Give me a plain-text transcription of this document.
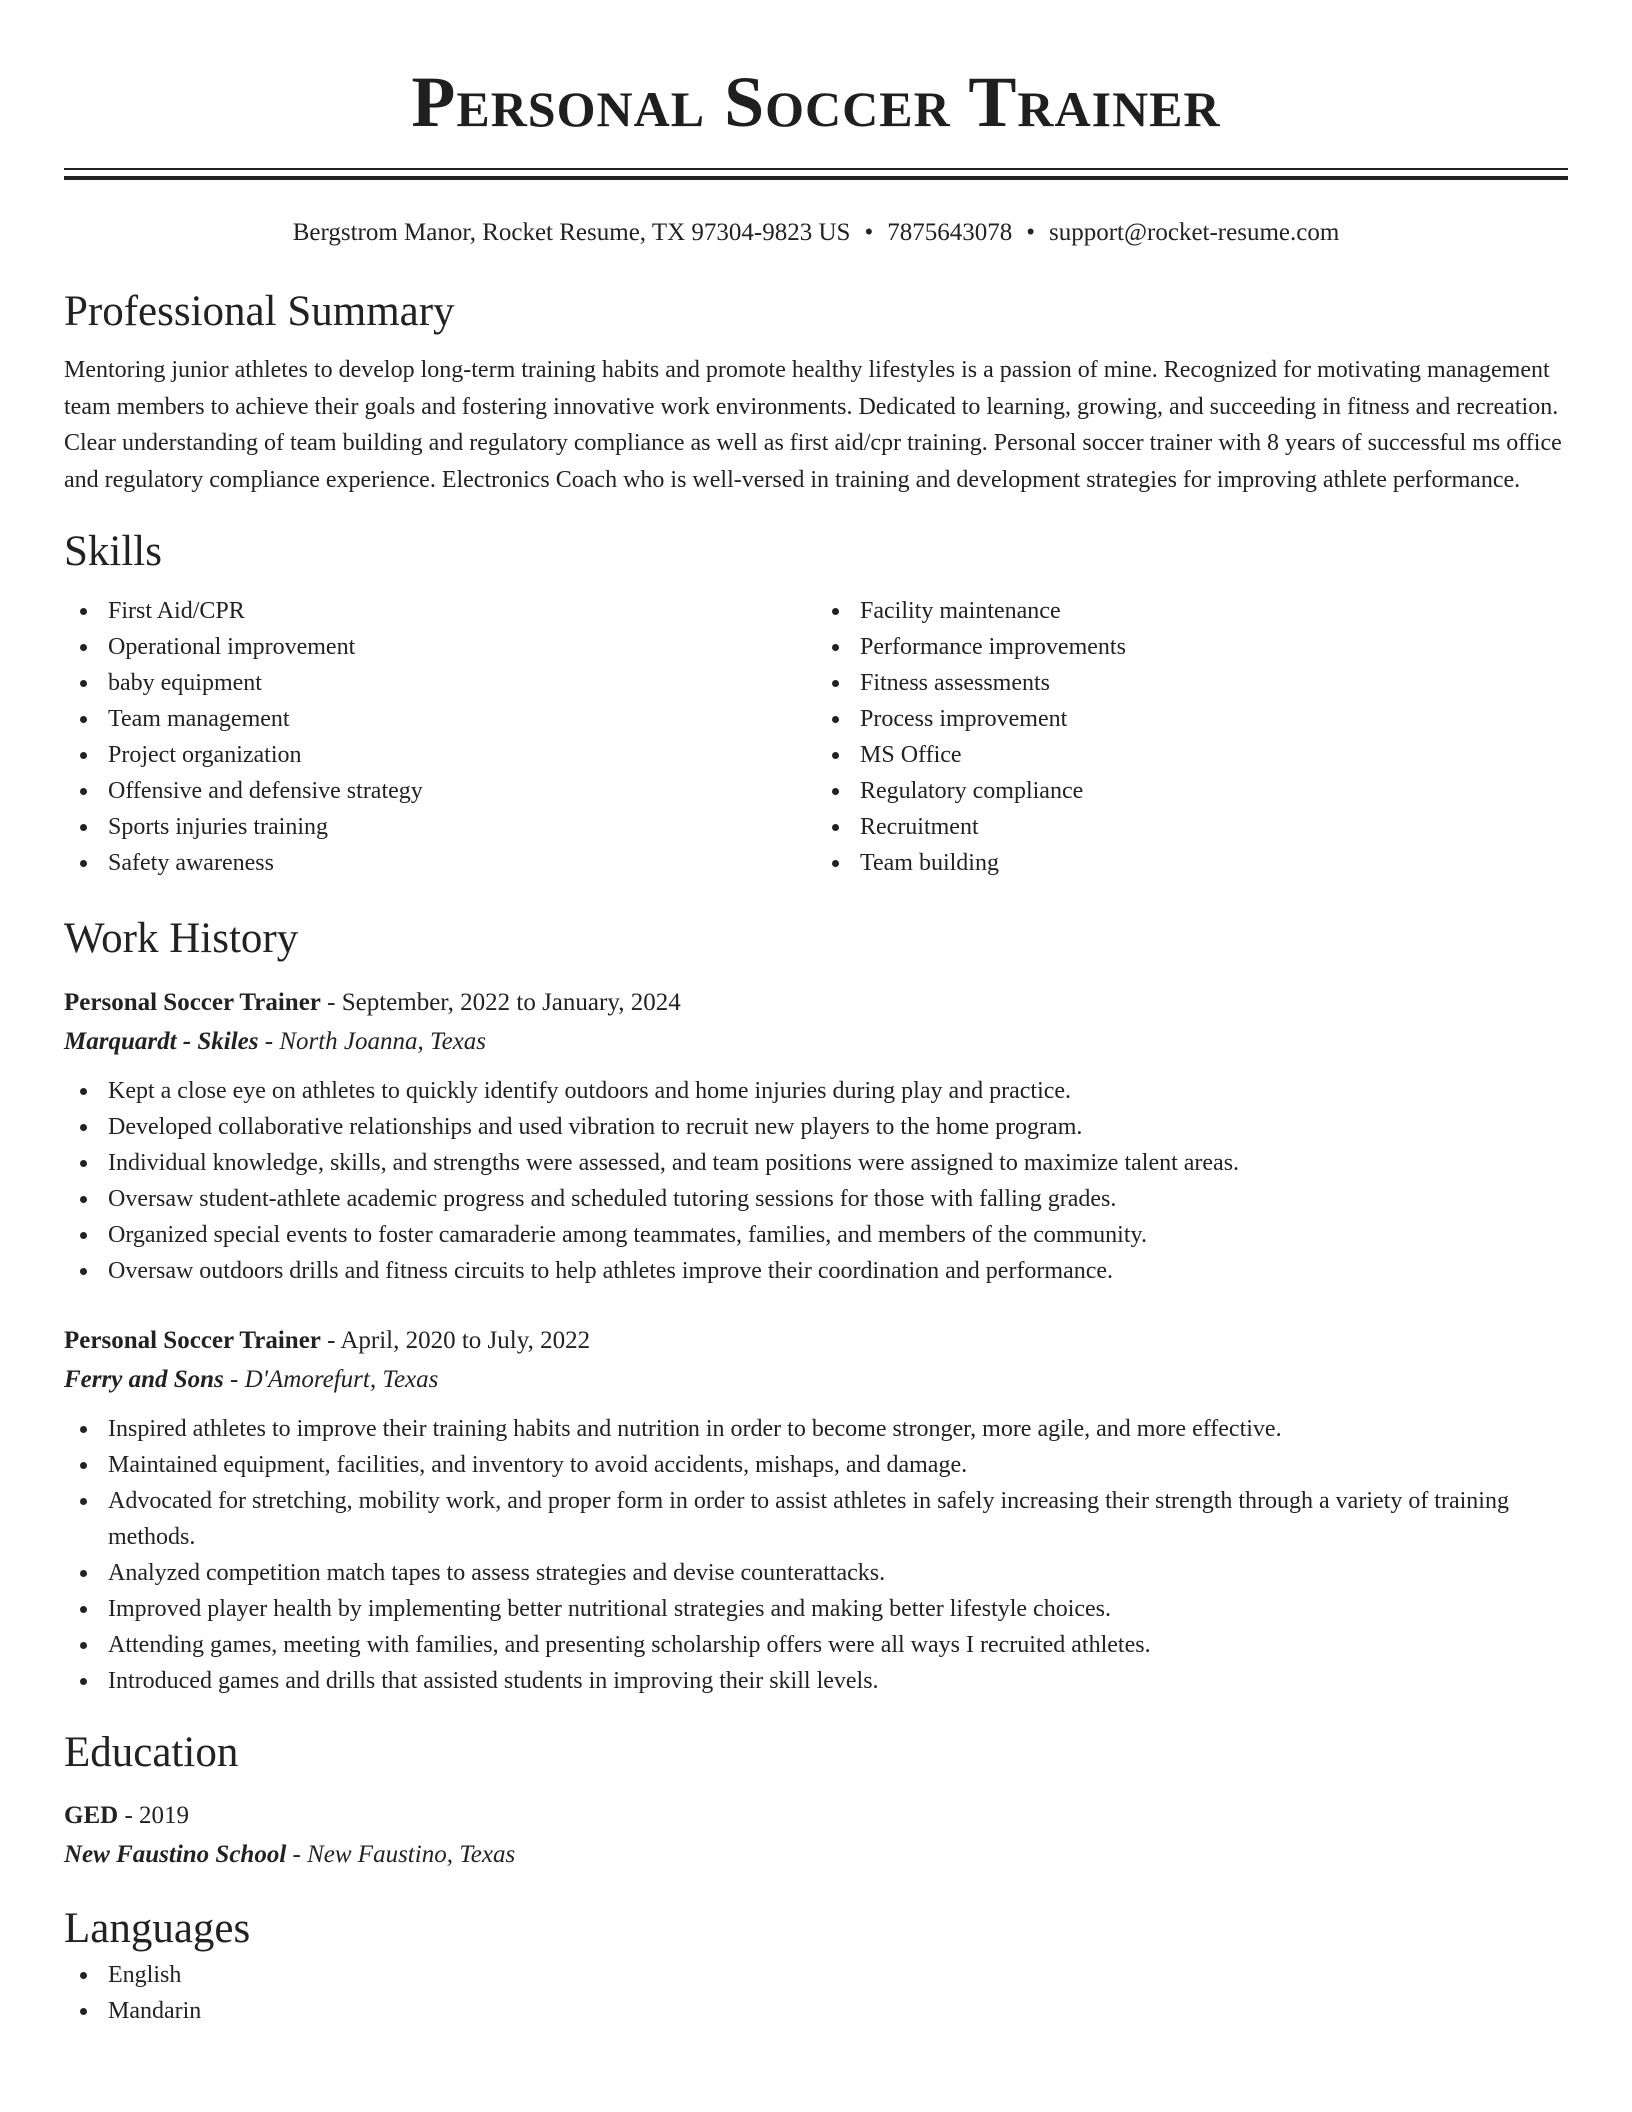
Personal Soccer Trainer
Bergstrom Manor, Rocket Resume, TX 97304-9823 US • 7875643078 • support@rocket-resume.com
Professional Summary

Mentoring junior athletes to develop long-term training habits and promote healthy lifestyles is a passion of mine. Recognized for motivating management team members to achieve their goals and fostering innovative work environments. Dedicated to learning, growing, and succeeding in fitness and recreation. Clear understanding of team building and regulatory compliance as well as first aid/cpr training. Personal soccer trainer with 8 years of successful ms office and regulatory compliance experience. Electronics Coach who is well-versed in training and development strategies for improving athlete performance.

Skills
First Aid/CPR
Operational improvement
baby equipment
Team management
Project organization
Offensive and defensive strategy
Sports injuries training
Safety awareness
Facility maintenance
Performance improvements
Fitness assessments
Process improvement
MS Office
Regulatory compliance
Recruitment
Team building
Work History
Personal Soccer Trainer - September, 2022 to January, 2024
Marquardt - Skiles - North Joanna, Texas
Kept a close eye on athletes to quickly identify outdoors and home injuries during play and practice.
Developed collaborative relationships and used vibration to recruit new players to the home program.
Individual knowledge, skills, and strengths were assessed, and team positions were assigned to maximize talent areas.
Oversaw student-athlete academic progress and scheduled tutoring sessions for those with falling grades.
Organized special events to foster camaraderie among teammates, families, and members of the community.
Oversaw outdoors drills and fitness circuits to help athletes improve their coordination and performance.
Personal Soccer Trainer - April, 2020 to July, 2022
Ferry and Sons - D'Amorefurt, Texas
Inspired athletes to improve their training habits and nutrition in order to become stronger, more agile, and more effective.
Maintained equipment, facilities, and inventory to avoid accidents, mishaps, and damage.
Advocated for stretching, mobility work, and proper form in order to assist athletes in safely increasing their strength through a variety of training methods.
Analyzed competition match tapes to assess strategies and devise counterattacks.
Improved player health by implementing better nutritional strategies and making better lifestyle choices.
Attending games, meeting with families, and presenting scholarship offers were all ways I recruited athletes.
Introduced games and drills that assisted students in improving their skill levels.
Education
GED - 2019
New Faustino School - New Faustino, Texas
Languages
English
Mandarin
